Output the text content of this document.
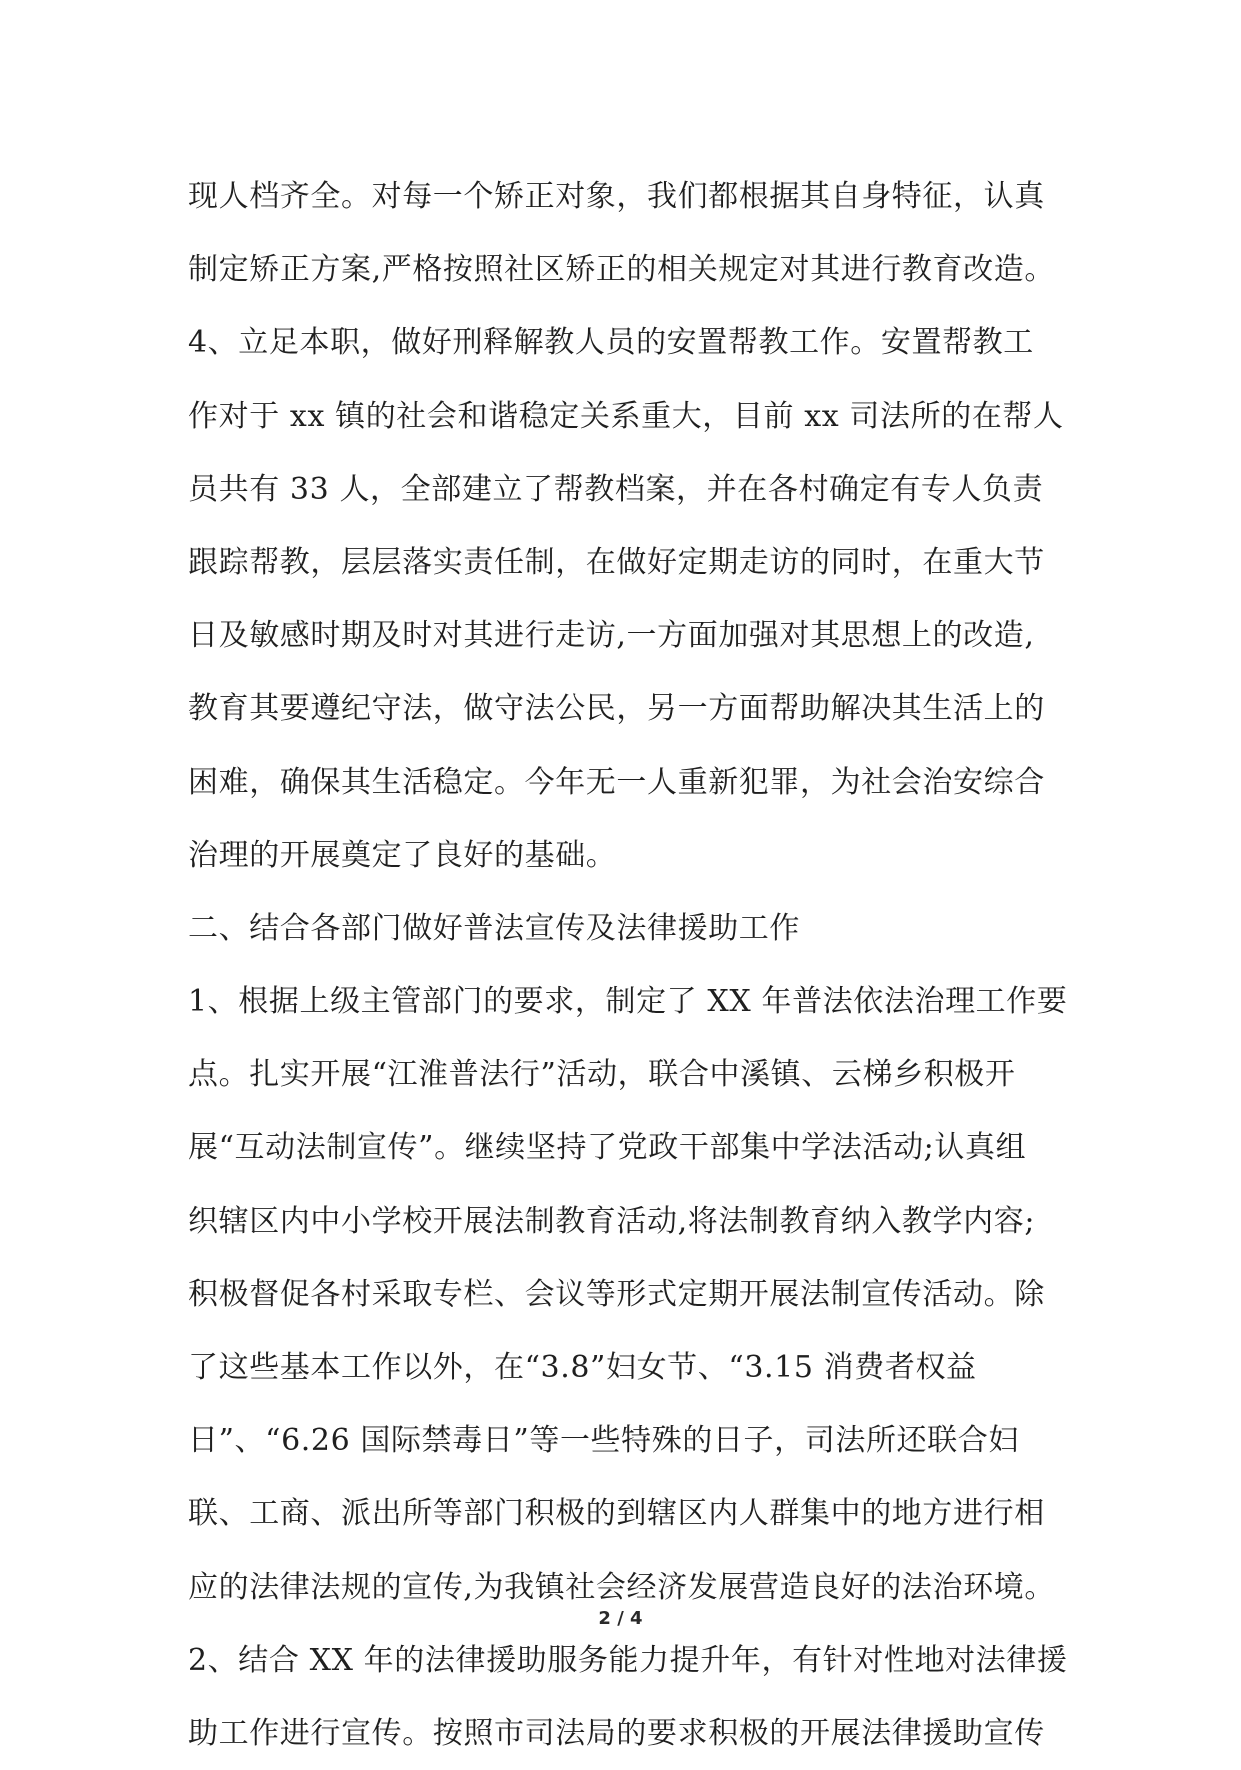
现人档齐全。对每一个矫正对象，我们都根据其自身特征，认真
制定矫正方案,严格按照社区矫正的相关规定对其进行教育改造。
4、立足本职，做好刑释解教人员的安置帮教工作。安置帮教工
作对于 xx 镇的社会和谐稳定关系重大，目前 xx 司法所的在帮人
员共有 33 人，全部建立了帮教档案，并在各村确定有专人负责
跟踪帮教，层层落实责任制，在做好定期走访的同时，在重大节
日及敏感时期及时对其进行走访,一方面加强对其思想上的改造,
教育其要遵纪守法，做守法公民，另一方面帮助解决其生活上的
困难，确保其生活稳定。今年无一人重新犯罪，为社会治安综合
治理的开展奠定了良好的基础。
二、结合各部门做好普法宣传及法律援助工作
1、根据上级主管部门的要求，制定了 XX 年普法依法治理工作要
点。扎实开展“江淮普法行”活动，联合中溪镇、云梯乡积极开
展“互动法制宣传”。继续坚持了党政干部集中学法活动;认真组
织辖区内中小学校开展法制教育活动,将法制教育纳入教学内容;
积极督促各村采取专栏、会议等形式定期开展法制宣传活动。除
了这些基本工作以外，在“3.8”妇女节、“3.15 消费者权益
日”、“6.26 国际禁毒日”等一些特殊的日子，司法所还联合妇
联、工商、派出所等部门积极的到辖区内人群集中的地方进行相
应的法律法规的宣传,为我镇社会经济发展营造良好的法治环境。
2、结合 XX 年的法律援助服务能力提升年，有针对性地对法律援
助工作进行宣传。按照市司法局的要求积极的开展法律援助宣传
2 / 4
